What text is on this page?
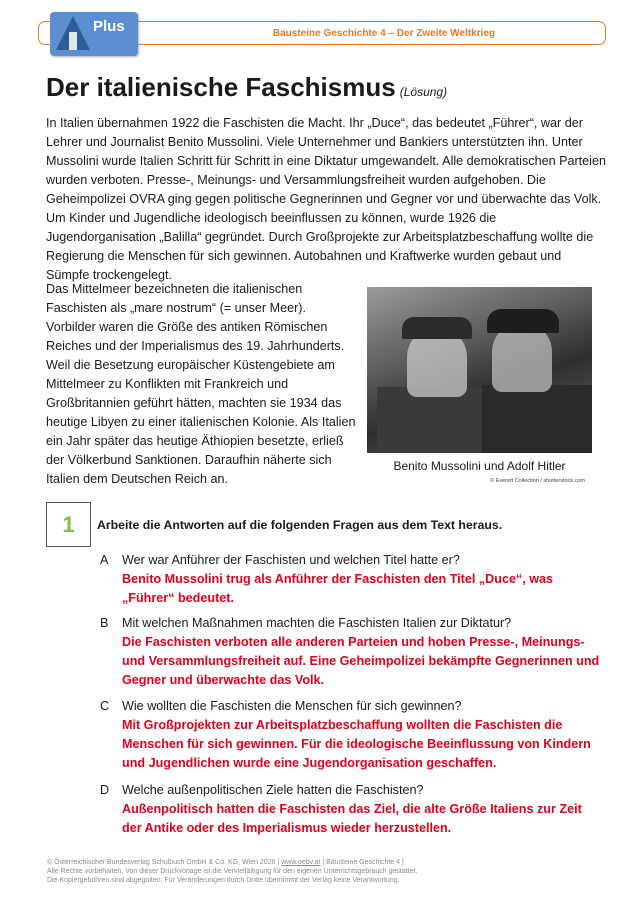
Bausteine Geschichte 4 – Der Zweite Weltkrieg
Plus
Der italienische Faschismus (Lösung)
In Italien übernahmen 1922 die Faschisten die Macht. Ihr „Duce“, das bedeutet „Führer“, war der Lehrer und Journalist Benito Mussolini. Viele Unternehmer und Bankiers unterstützten ihn. Unter Mussolini wurde Italien Schritt für Schritt in eine Diktatur umgewandelt. Alle demokratischen Parteien wurden verboten. Presse-, Meinungs- und Versammlungsfreiheit wurden aufgehoben. Die Geheimpolizei OVRA ging gegen politische Gegnerinnen und Gegner vor und überwachte das Volk. Um Kinder und Jugendliche ideologisch beeinflussen zu können, wurde 1926 die Jugendorganisation „Balilla“ gegründet. Durch Großprojekte zur Arbeitsplatzbeschaffung wollte die Regierung die Menschen für sich gewinnen. Autobahnen und Kraftwerke wurden gebaut und Sümpfe trockengelegt.
Das Mittelmeer bezeichneten die italienischen Faschisten als „mare nostrum“ (= unser Meer). Vorbilder waren die Größe des antiken Römischen Reiches und der Imperialismus des 19. Jahrhunderts. Weil die Besetzung europäischer Küstengebiete am Mittelmeer zu Konflikten mit Frankreich und Großbritannien geführt hätten, machten sie 1934 das heutige Libyen zu einer italienischen Kolonie. Als Italien ein Jahr später das heutige Äthiopien besetzte, erließ der Völkerbund Sanktionen. Daraufhin näherte sich Italien dem Deutschen Reich an.
Benito Mussolini und Adolf Hitler
© Everett Collection / shutterstock.com
1	Arbeite die Antworten auf die folgenden Fragen aus dem Text heraus.
A Wer war Anführer der Faschisten und welchen Titel hatte er?
Benito Mussolini trug als Anführer der Faschisten den Titel „Duce“, was „Führer“ bedeutet.
B Mit welchen Maßnahmen machten die Faschisten Italien zur Diktatur?
Die Faschisten verboten alle anderen Parteien und hoben Presse-, Meinungs- und Versammlungsfreiheit auf. Eine Geheimpolizei bekämpfte Gegnerinnen und Gegner und überwachte das Volk.
C Wie wollten die Faschisten die Menschen für sich gewinnen?
Mit Großprojekten zur Arbeitsplatzbeschaffung wollten die Faschisten die Menschen für sich gewinnen. Für die ideologische Beeinflussung von Kindern und Jugendlichen wurde eine Jugendorganisation geschaffen.
D Welche außenpolitischen Ziele hatten die Faschisten?
Außenpolitisch hatten die Faschisten das Ziel, die alte Größe Italiens zur Zeit der Antike oder des Imperialismus wieder herzustellen.
© Österreichischer Bundesverlag Schulbuch GmbH & Co. KG, Wien 2026 | www.oebv.at | Bausteine Geschichte 4 |
Alle Rechte vorbehalten. Von dieser Druckvorlage ist die Vervielfältigung für den eigenen Unterrichtsgebrauch gestattet.
Die Kopiergebühren sind abgegolten. Für Veränderungen durch Dritte übernimmt der Verlag keine Verantwortung.
